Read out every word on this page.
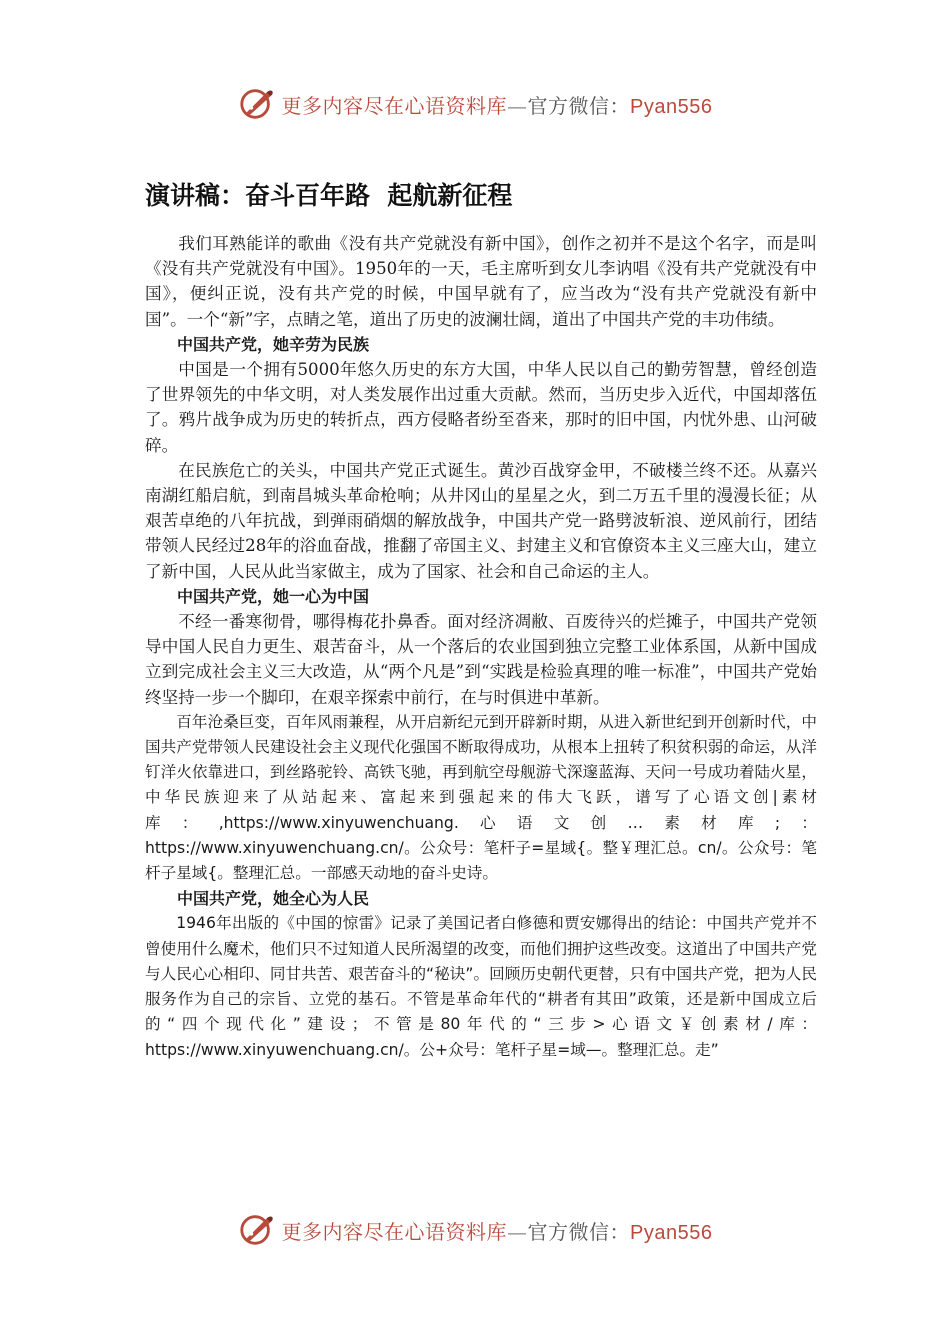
更多内容尽在心语资料库—官方微信：Pyan556
演讲稿：奋斗百年路  起航新征程

我们耳熟能详的歌曲《没有共产党就没有新中国》，创作之初并不是这个名字，而是叫《没有共产党就没有中国》。1950年的一天，毛主席听到女儿李讷唱《没有共产党就没有中国》，便纠正说，没有共产党的时候，中国早就有了，应当改为“没有共产党就没有新中国”。一个“新”字，点睛之笔，道出了历史的波澜壮阔，道出了中国共产党的丰功伟绩。

中国共产党，她辛劳为民族

中国是一个拥有5000年悠久历史的东方大国，中华人民以自己的勤劳智慧，曾经创造了世界领先的中华文明，对人类发展作出过重大贡献。然而，当历史步入近代，中国却落伍了。鸦片战争成为历史的转折点，西方侵略者纷至沓来，那时的旧中国，内忧外患、山河破碎。

在民族危亡的关头，中国共产党正式诞生。黄沙百战穿金甲，不破楼兰终不还。从嘉兴南湖红船启航，到南昌城头革命枪响；从井冈山的星星之火，到二万五千里的漫漫长征；从艰苦卓绝的八年抗战，到弹雨硝烟的解放战争，中国共产党一路劈波斩浪、逆风前行，团结带领人民经过28年的浴血奋战，推翻了帝国主义、封建主义和官僚资本主义三座大山，建立了新中国，人民从此当家做主，成为了国家、社会和自己命运的主人。

中国共产党，她一心为中国

不经一番寒彻骨，哪得梅花扑鼻香。面对经济凋敝、百废待兴的烂摊子，中国共产党领导中国人民自力更生、艰苦奋斗，从一个落后的农业国到独立完整工业体系国，从新中国成立到完成社会主义三大改造，从“两个凡是”到“实践是检验真理的唯一标准”，中国共产党始终坚持一步一个脚印，在艰辛探索中前行，在与时俱进中革新。

百年沧桑巨变，百年风雨兼程，从开启新纪元到开辟新时期，从进入新世纪到开创新时代，中国共产党带领人民建设社会主义现代化强国不断取得成功，从根本上扭转了积贫积弱的命运，从洋钉洋火依靠进口，到丝路驼铃、高铁飞驰，再到航空母舰游弋深邃蓝海、天问一号成功着陆火星，中华民族迎来了从站起来、富起来到强起来的伟大飞跃，谱写了心语文创|素材库：,https://www.xinyuwenchuang.心语文创…素材库;：https://www.xinyuwenchuang.cn/。公众号：笔杆子=星域{。整￥理汇总。cn/。公众号：笔杆子星域{。整理汇总。一部感天动地的奋斗史诗。

中国共产党，她全心为人民

1946年出版的《中国的惊雷》记录了美国记者白修德和贾安娜得出的结论：中国共产党并不曾使用什么魔术，他们只不过知道人民所渴望的改变，而他们拥护这些改变。这道出了中国共产党与人民心心相印、同甘共苦、艰苦奋斗的“秘诀”。回顾历史朝代更替，只有中国共产党，把为人民服务作为自己的宗旨、立党的基石。不管是革命年代的“耕者有其田”政策，还是新中国成立后的“四个现代化”建设；不管是80年代的“三步>心语文￥创素材/库：https://www.xinyuwenchuang.cn/。公+众号：笔杆子星=域—。整理汇总。走”

更多内容尽在心语资料库—官方微信：Pyan556
